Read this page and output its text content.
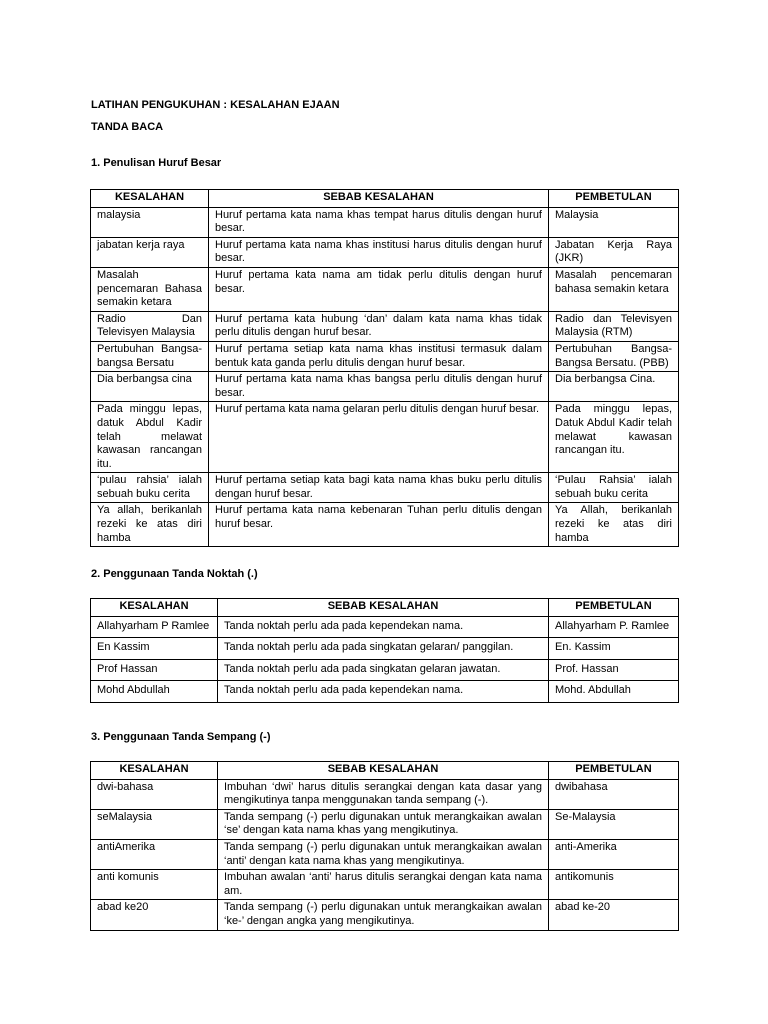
LATIHAN PENGUKUHAN : KESALAHAN EJAAN
TANDA BACA
1. Penulisan Huruf Besar
KESALAHAN	SEBAB KESALAHAN	PEMBETULAN
malaysia	Huruf pertama kata nama khas tempat harus ditulis dengan huruf besar.	Malaysia
jabatan kerja raya	Huruf pertama kata nama khas institusi harus ditulis dengan huruf besar.	Jabatan Kerja Raya (JKR)
Masalah pencemaran Bahasa semakin ketara	Huruf pertama kata nama am tidak perlu ditulis dengan huruf besar.	Masalah pencemaran bahasa semakin ketara
Radio Dan Televisyen Malaysia	Huruf pertama kata hubung ‘dan’ dalam kata nama khas tidak perlu ditulis dengan huruf besar.	Radio dan Televisyen Malaysia (RTM)
Pertubuhan Bangsa-bangsa Bersatu	Huruf pertama setiap kata nama khas institusi termasuk dalam bentuk kata ganda perlu ditulis dengan huruf besar.	Pertubuhan Bangsa-Bangsa Bersatu. (PBB)
Dia berbangsa cina	Huruf pertama kata nama khas bangsa perlu ditulis dengan huruf besar.	Dia berbangsa Cina.
Pada minggu lepas, datuk Abdul Kadir telah melawat kawasan rancangan itu.	Huruf pertama kata nama gelaran perlu ditulis dengan huruf besar.	Pada minggu lepas, Datuk Abdul Kadir telah melawat kawasan rancangan itu.
‘pulau rahsia’ ialah sebuah buku cerita	Huruf pertama setiap kata bagi kata nama khas buku perlu ditulis dengan huruf besar.	‘Pulau Rahsia’ ialah sebuah buku cerita
Ya allah, berikanlah rezeki ke atas diri hamba	Huruf pertama kata nama kebenaran Tuhan perlu ditulis dengan huruf besar.	Ya Allah, berikanlah rezeki ke atas diri hamba
2. Penggunaan Tanda Noktah (.)
KESALAHAN	SEBAB KESALAHAN	PEMBETULAN
Allahyarham P Ramlee	Tanda noktah perlu ada pada kependekan nama.	Allahyarham P. Ramlee
En Kassim	Tanda noktah perlu ada pada singkatan gelaran/ panggilan.	En. Kassim
Prof Hassan	Tanda noktah perlu ada pada singkatan gelaran jawatan.	Prof. Hassan
Mohd Abdullah	Tanda noktah perlu ada pada kependekan nama.	Mohd. Abdullah
3. Penggunaan Tanda Sempang (-)
KESALAHAN	SEBAB KESALAHAN	PEMBETULAN
dwi-bahasa	Imbuhan ‘dwi’ harus ditulis serangkai dengan kata dasar yang mengikutinya tanpa menggunakan tanda sempang (-).	dwibahasa
seMalaysia	Tanda sempang (-) perlu digunakan untuk merangkaikan awalan ‘se’ dengan kata nama khas yang mengikutinya.	Se-Malaysia
antiAmerika	Tanda sempang (-) perlu digunakan untuk merangkaikan awalan ‘anti’ dengan kata nama khas yang mengikutinya.	anti-Amerika
anti komunis	Imbuhan awalan ‘anti’ harus ditulis serangkai dengan kata nama am.	antikomunis
abad ke20	Tanda sempang (-) perlu digunakan untuk merangkaikan awalan ‘ke-’ dengan angka yang mengikutinya.	abad ke-20
